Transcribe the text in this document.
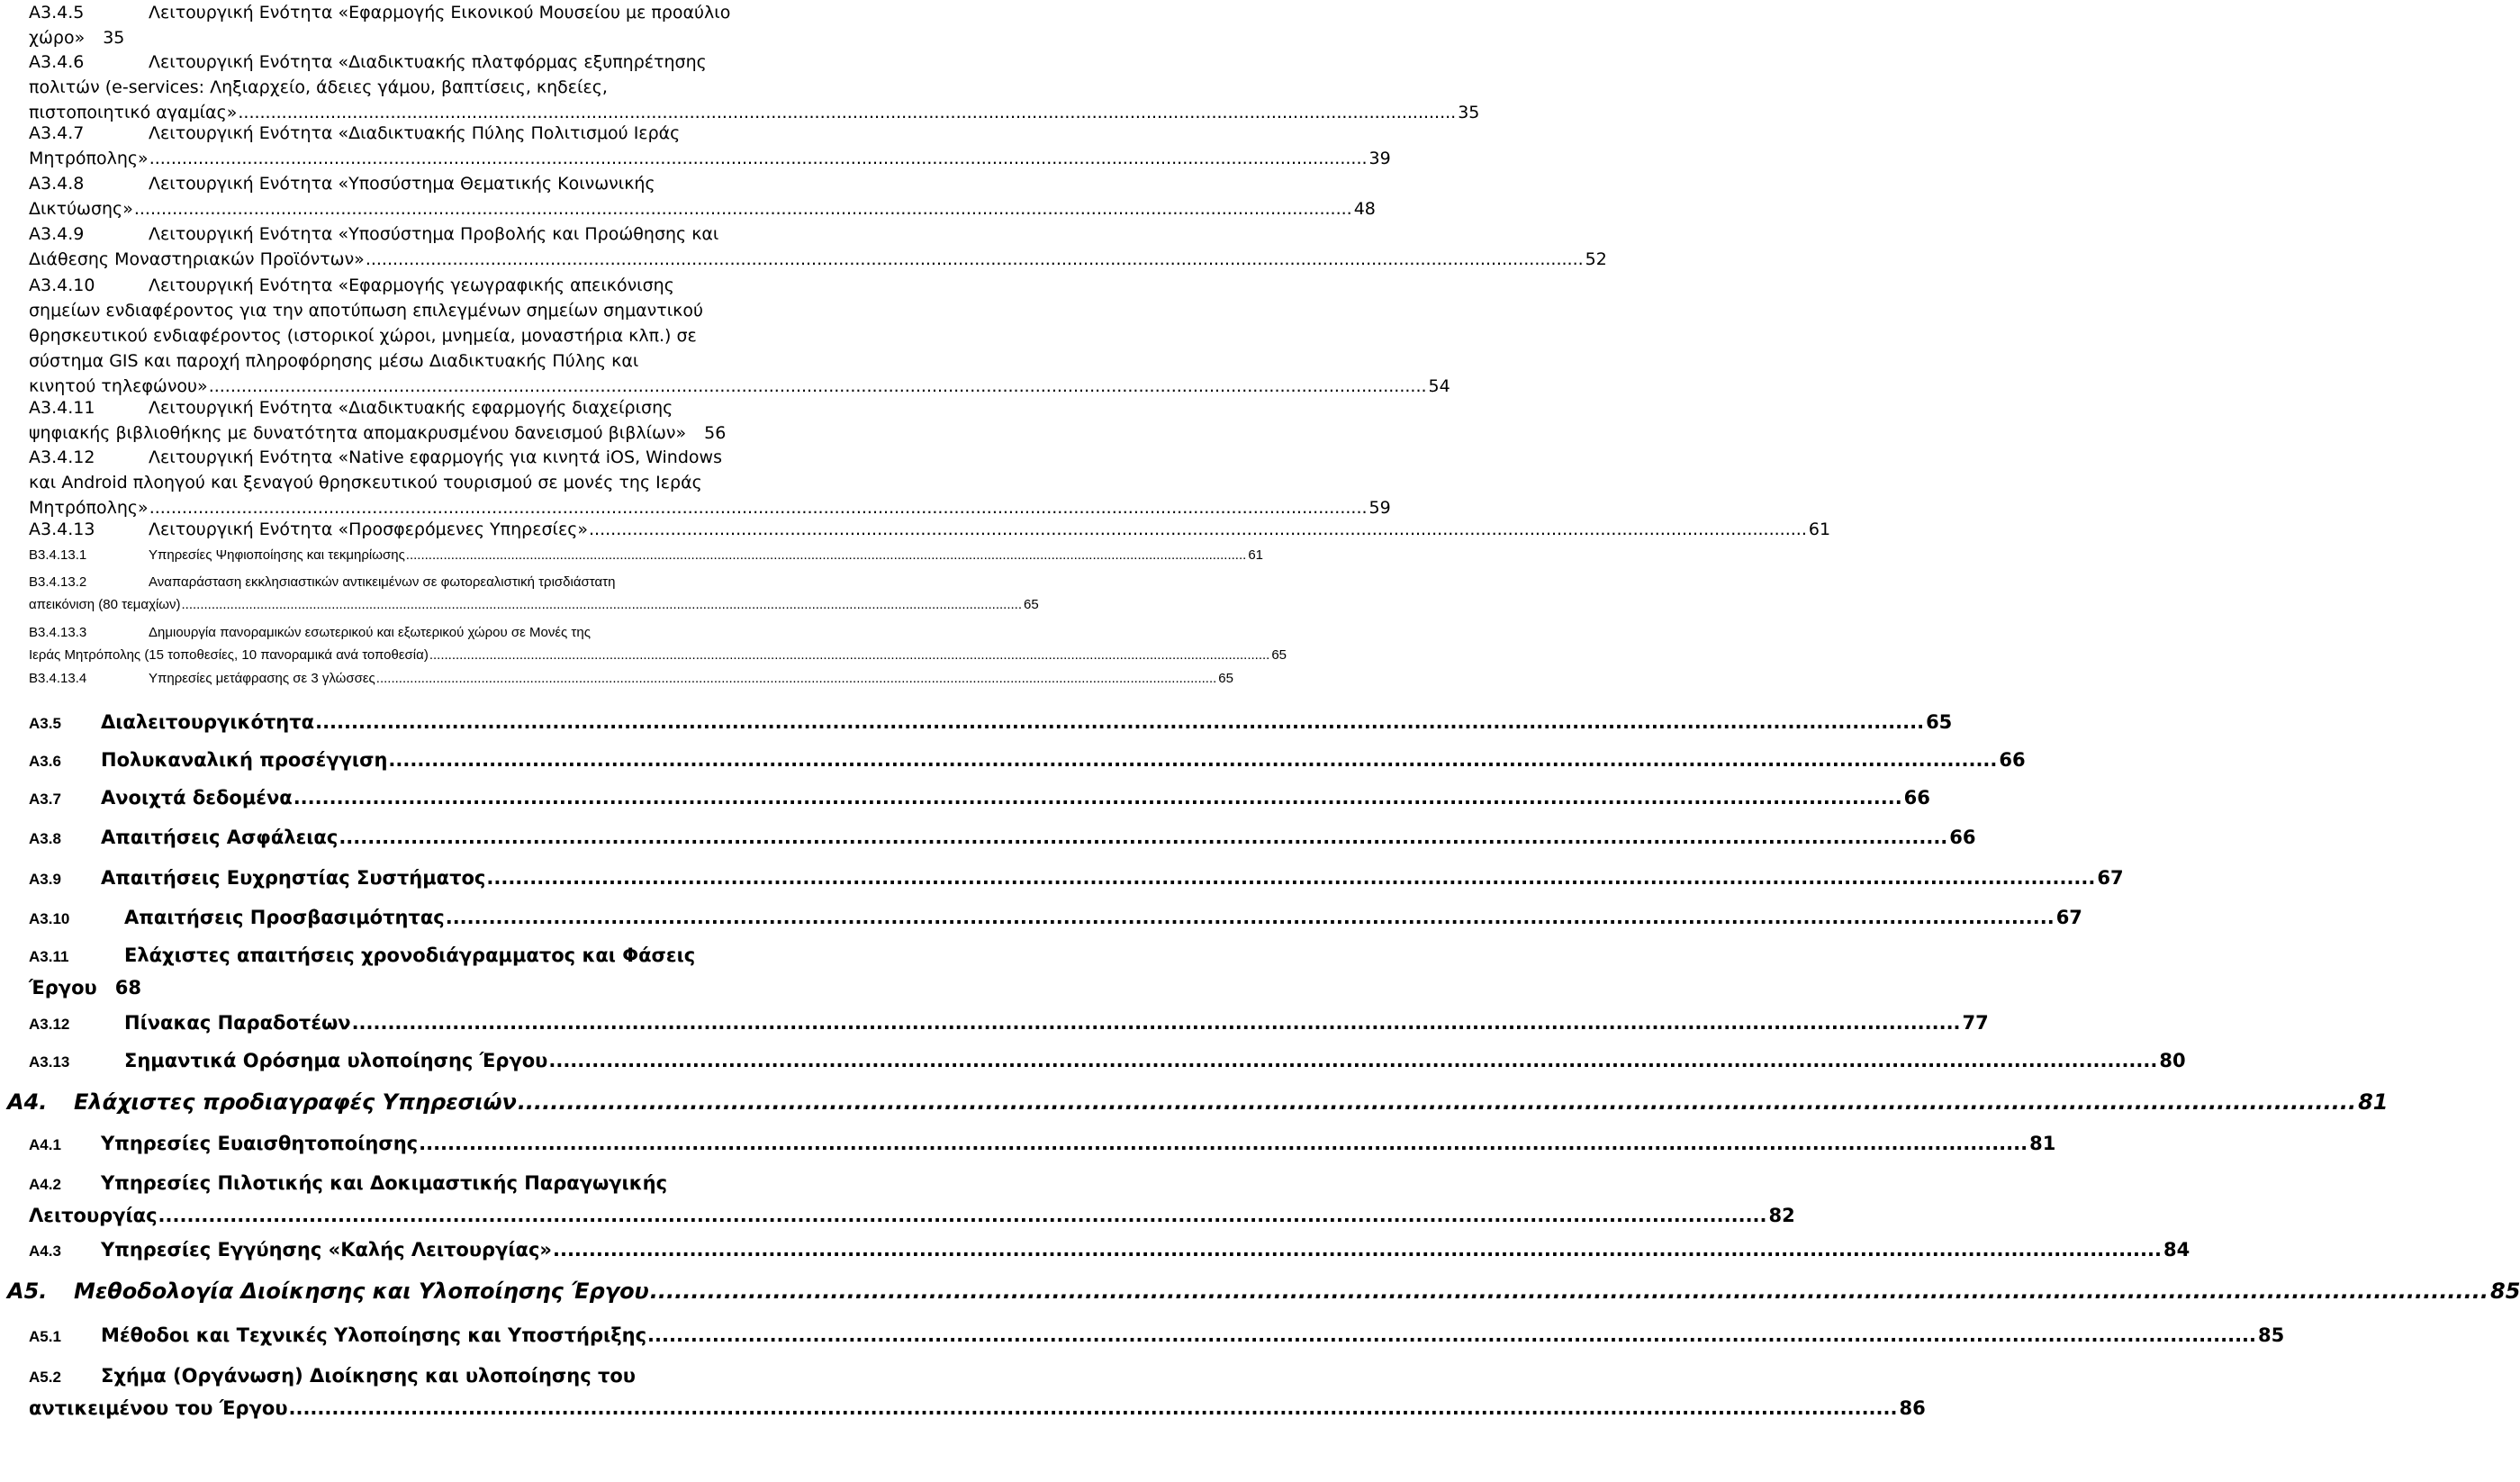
A3.4.5	Λειτουργική Ενότητα «Εφαρμογής Εικονικού Μουσείου με προαύλιο
χώρο» 35
A3.4.6	Λειτουργική Ενότητα «Διαδικτυακής πλατφόρμας εξυπηρέτησης
πολιτών (e-services: Ληξιαρχείο, άδειες γάμου, βαπτίσεις, κηδείες,
πιστοποιητικό αγαμίας» .....	35
A3.4.7	Λειτουργική Ενότητα «Διαδικτυακής Πύλης Πολιτισμού Ιεράς
Μητρόπολης» .....	39
A3.4.8	Λειτουργική Ενότητα «Υποσύστημα Θεματικής Κοινωνικής
Δικτύωσης» .....	48
A3.4.9	Λειτουργική Ενότητα «Υποσύστημα Προβολής και Προώθησης και
Διάθεσης Μοναστηριακών Προϊόντων» .....	52
A3.4.10	Λειτουργική Ενότητα «Εφαρμογής γεωγραφικής απεικόνισης
σημείων ενδιαφέροντος για την αποτύπωση επιλεγμένων σημείων σημαντικού
θρησκευτικού ενδιαφέροντος (ιστορικοί χώροι, μνημεία, μοναστήρια κλπ.) σε
σύστημα GIS και παροχή πληροφόρησης μέσω Διαδικτυακής Πύλης και
κινητού τηλεφώνου» .....	54
A3.4.11	Λειτουργική Ενότητα «Διαδικτυακής εφαρμογής διαχείρισης
ψηφιακής βιβλιοθήκης με δυνατότητα απομακρυσμένου δανεισμού βιβλίων» 56
A3.4.12	Λειτουργική Ενότητα «Native εφαρμογής για κινητά iOS, Windows
και Android πλοηγού και ξεναγού θρησκευτικού τουρισμού σε μονές της Ιεράς
Μητρόπολης» .....	59
A3.4.13	Λειτουργική Ενότητα «Προσφερόμενες Υπηρεσίες» .....	61
B3.4.13.1	Υπηρεσίες Ψηφιοποίησης και τεκμηρίωσης .....	61
B3.4.13.2	Αναπαράσταση εκκλησιαστικών αντικειμένων σε φωτορεαλιστική τρισδιάστατη
απεικόνιση (80 τεμαχίων) .....	65
B3.4.13.3	Δημιουργία πανοραμικών εσωτερικού και εξωτερικού χώρου σε Μονές της
Ιεράς Μητρόπολης (15 τοποθεσίες, 10 πανοραμικά ανά τοποθεσία) .....	65
B3.4.13.4	Υπηρεσίες μετάφρασης σε 3 γλώσσες .....	65
A3.5 Διαλειτουργικότητα .....	65
A3.6 Πολυκαναλική προσέγγιση .....	66
A3.7 Ανοιχτά δεδομένα .....	66
A3.8 Απαιτήσεις Ασφάλειας .....	66
A3.9 Απαιτήσεις Ευχρηστίας Συστήματος .....	67
A3.10	Απαιτήσεις Προσβασιμότητας .....	67
A3.11	Ελάχιστες απαιτήσεις χρονοδιάγραμματος και Φάσεις
Έργου 68
A3.12	Πίνακας Παραδοτέων .....	77
A3.13	Σημαντικά Ορόσημα υλοποίησης Έργου .....	80
A4. Ελάχιστες προδιαγραφές Υπηρεσιών .....	81
A4.1 Υπηρεσίες Ευαισθητοποίησης .....	81
A4.2 Υπηρεσίες Πιλοτικής και Δοκιμαστικής Παραγωγικής
Λειτουργίας .....	82
A4.3 Υπηρεσίες Εγγύησης «Καλής Λειτουργίας» .....	84
A5. Μεθοδολογία Διοίκησης και Υλοποίησης Έργου .....	85
A5.1 Μέθοδοι και Τεχνικές Υλοποίησης και Υποστήριξης .....	85
A5.2 Σχήμα (Οργάνωση) Διοίκησης και υλοποίησης του
αντικειμένου του Έργου .....	86
